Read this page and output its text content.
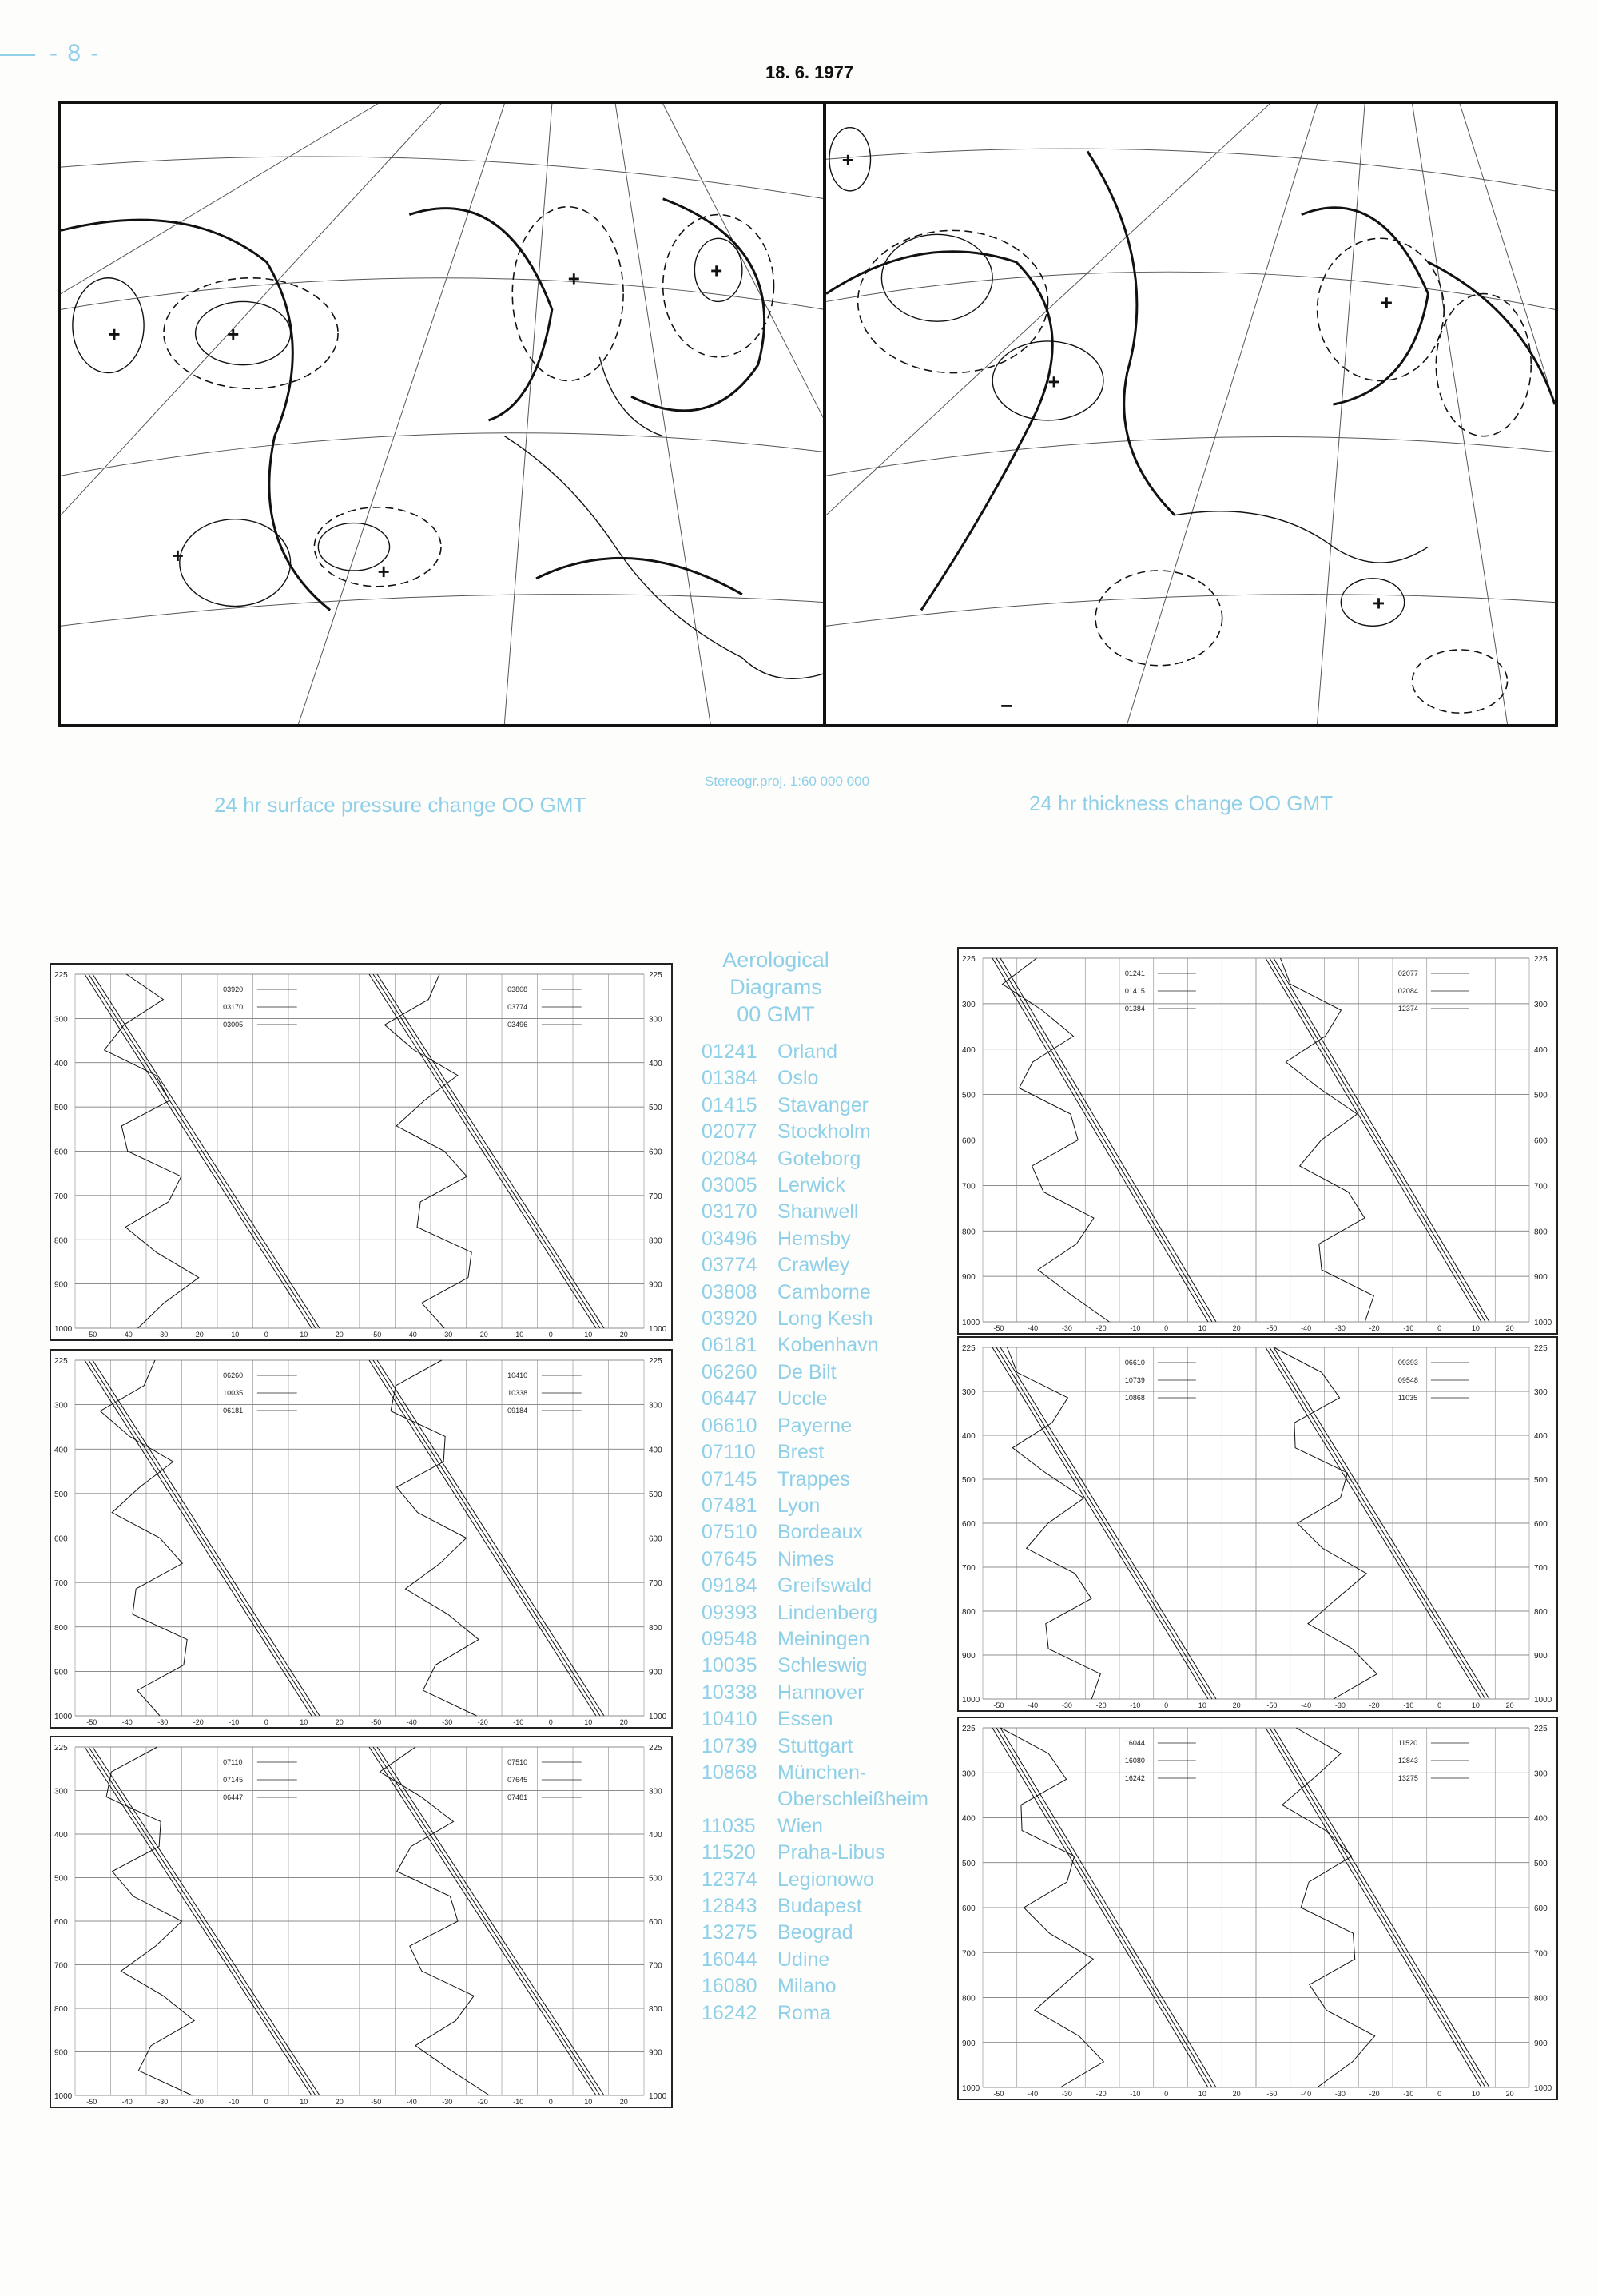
- 8 -
18. 6. 1977
+
+	+
+
+
+
+
+
+
−
+
24 hr surface pressure change OO GMT	24 hr thickness change OO GMT
Stereogr.proj. 1:60 000 000
Aerological
Diagrams
00 GMT
01241	Orland
01384	Oslo
01415	Stavanger
02077	Stockholm
02084	Goteborg
03005	Lerwick
03170	Shanwell
03496	Hemsby
03774	Crawley
03808	Camborne
03920	Long Kesh
06181	Kobenhavn
06260	De Bilt
06447	Uccle
06610	Payerne
07110	Brest
07145	Trappes
07481	Lyon
07510	Bordeaux
07645	Nimes
09184	Greifswald
09393	Lindenberg
09548	Meiningen
10035	Schleswig
10338	Hannover
10410	Essen
10739	Stuttgart
10868	München-
Oberschleißheim
11035	Wien
11520	Praha-Libus
12374	Legionowo
12843	Budapest
13275	Beograd
16044	Udine
16080	Milano
16242	Roma
225	225
300	300
400	400
500	500
600	600
700	700
800	800
900	900
1000	1000
-50	-40	-30	-20	-10	0	10	20
03920
03170
03005
-50	-40	-30	-20	-10	0	10	20
03808
03774
03496
225	225
300	300
400	400
500	500
600	600
700	700
800	800
900	900
1000	1000
-50	-40	-30	-20	-10	0	10	20
06260
10035
06181
-50	-40	-30	-20	-10	0	10	20
10410
10338
09184
225	225
300	300
400	400
500	500
600	600
700	700
800	800
900	900
1000	1000
-50	-40	-30	-20	-10	0	10	20
07110
07145
06447
-50	-40	-30	-20	-10	0	10	20
07510
07645
07481
225	225
300	300
400	400
500	500
600	600
700	700
800	800
900	900
1000	1000
-50	-40	-30	-20	-10	0	10	20
01241
01415
01384
-50	-40	-30	-20	-10	0	10	20
02077
02084
12374
225	225
300	300
400	400
500	500
600	600
700	700
800	800
900	900
1000	1000
-50	-40	-30	-20	-10	0	10	20
06610
10739
10868
-50	-40	-30	-20	-10	0	10	20
09393
09548
11035
225	225
300	300
400	400
500	500
600	600
700	700
800	800
900	900
1000	1000
-50	-40	-30	-20	-10	0	10	20
16044
16080
16242
-50	-40	-30	-20	-10	0	10	20
11520
12843
13275
